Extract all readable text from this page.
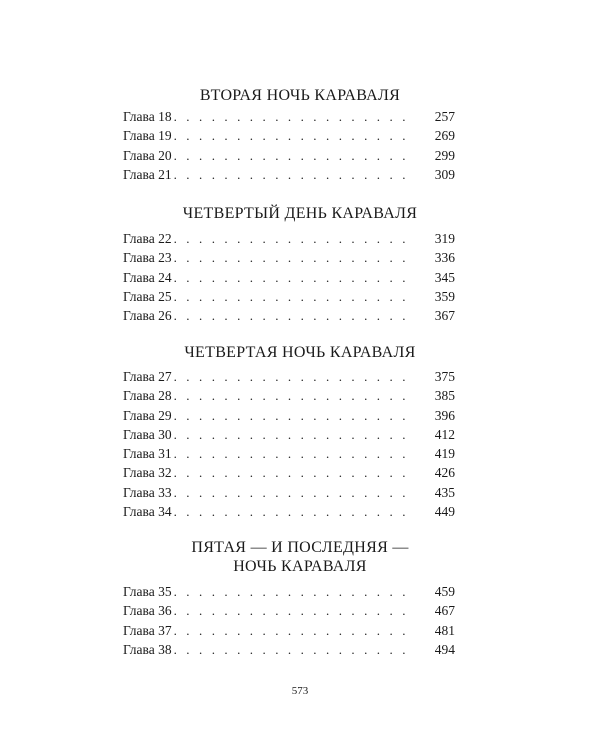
ВТОРАЯ НОЧЬ КАРАВАЛЯ
Глава 18 . . .	257
Глава 19 . . .	269
Глава 20 . . .	299
Глава 21 . . .	309
ЧЕТВЕРТЫЙ ДЕНЬ КАРАВАЛЯ
Глава 22 . . .	319
Глава 23 . . .	336
Глава 24 . . .	345
Глава 25 . . .	359
Глава 26 . . .	367
ЧЕТВЕРТАЯ НОЧЬ КАРАВАЛЯ
Глава 27 . . .	375
Глава 28 . . .	385
Глава 29 . . .	396
Глава 30 . . .	412
Глава 31 . . .	419
Глава 32 . . .	426
Глава 33 . . .	435
Глава 34 . . .	449
ПЯТАЯ — И ПОСЛЕДНЯЯ —
НОЧЬ КАРАВАЛЯ
Глава 35 . . .	459
Глава 36 . . .	467
Глава 37 . . .	481
Глава 38 . . .	494
573
